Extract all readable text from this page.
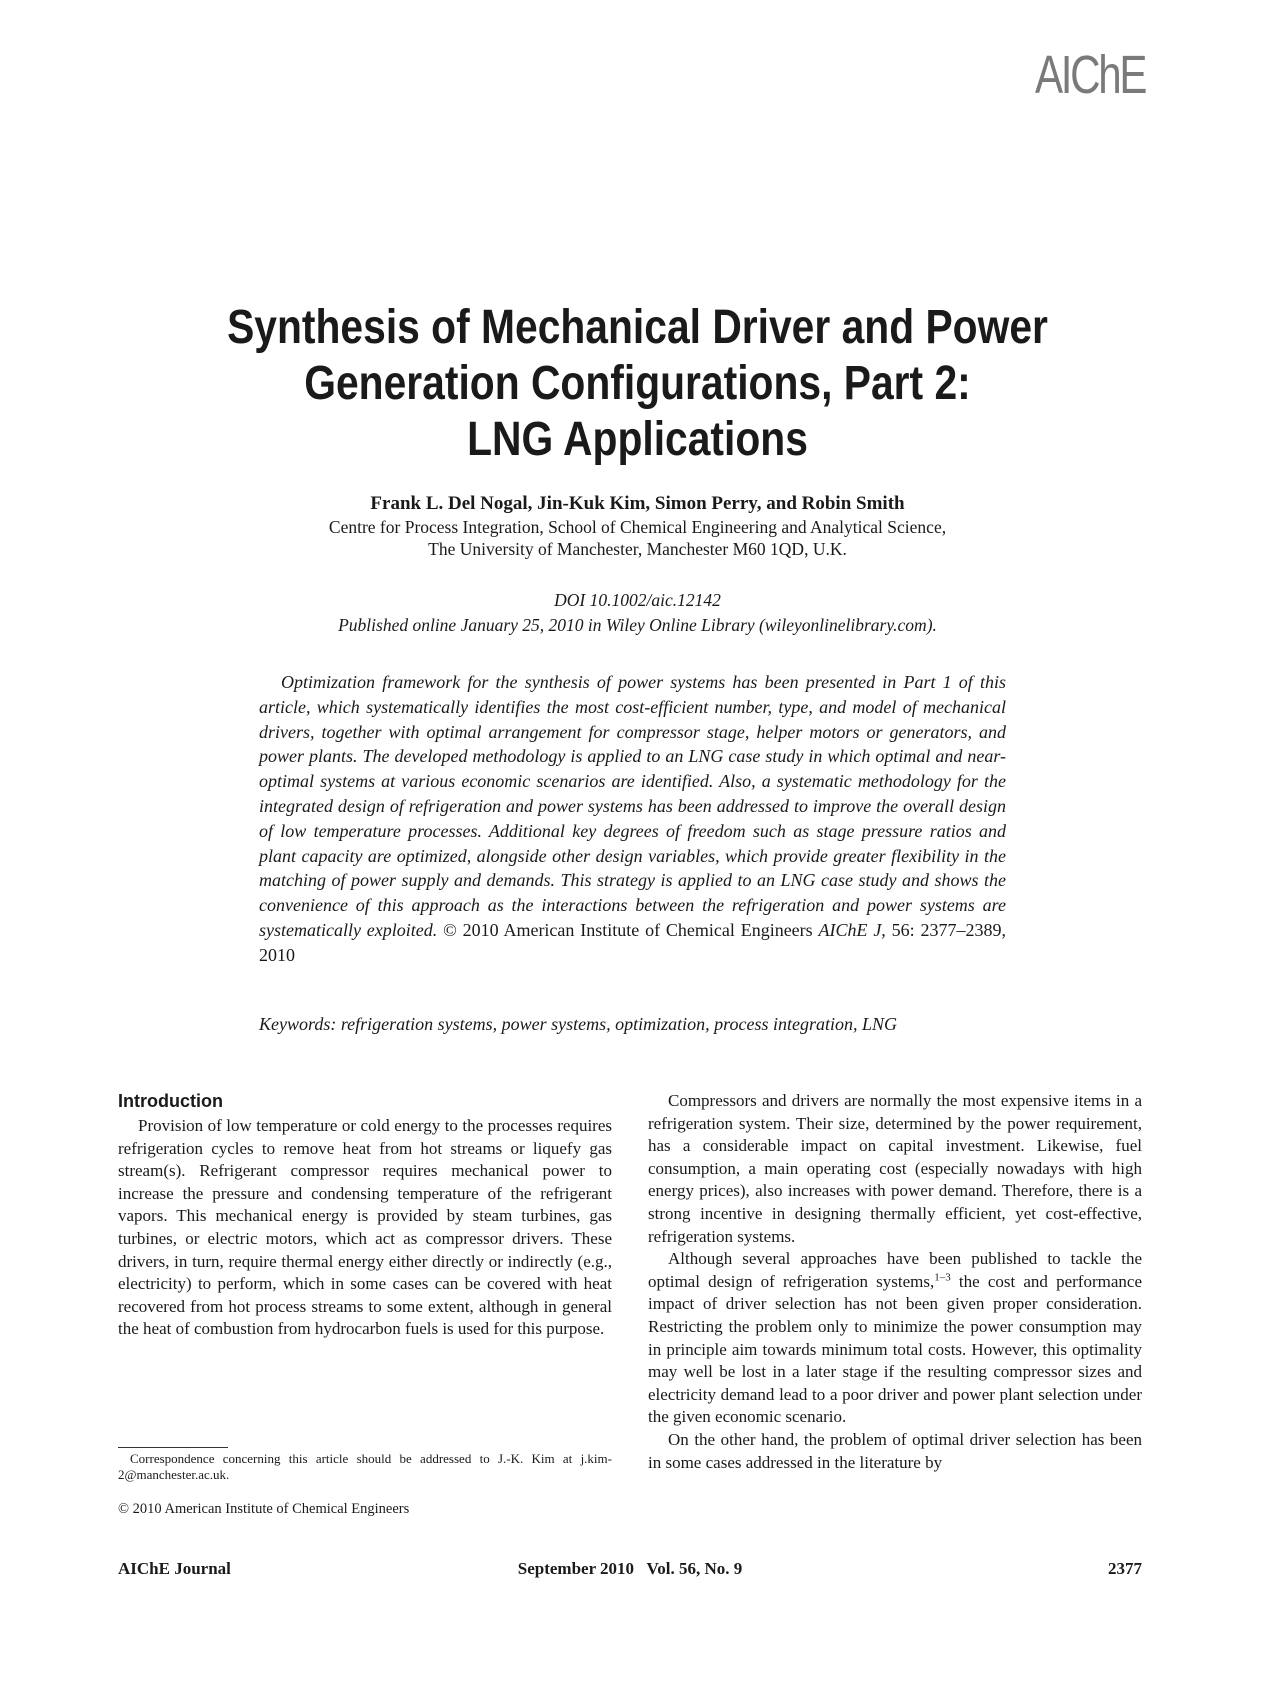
AIChE
Synthesis of Mechanical Driver and Power
Generation Configurations, Part 2:
LNG Applications
Frank L. Del Nogal, Jin-Kuk Kim, Simon Perry, and Robin Smith
Centre for Process Integration, School of Chemical Engineering and Analytical Science,
The University of Manchester, Manchester M60 1QD, U.K.
DOI 10.1002/aic.12142
Published online January 25, 2010 in Wiley Online Library (wileyonlinelibrary.com).

Optimization framework for the synthesis of power systems has been presented in Part 1 of this article, which systematically identifies the most cost-efficient number, type, and model of mechanical drivers, together with optimal arrangement for compressor stage, helper motors or generators, and power plants. The developed methodology is applied to an LNG case study in which optimal and near-optimal systems at various economic scenarios are identified. Also, a systematic methodology for the integrated design of refrigeration and power systems has been addressed to improve the overall design of low temperature processes. Additional key degrees of freedom such as stage pressure ratios and plant capacity are optimized, alongside other design variables, which provide greater flexibility in the matching of power supply and demands. This strategy is applied to an LNG case study and shows the convenience of this approach as the interactions between the refrigeration and power systems are systematically exploited. © 2010 American Institute of Chemical Engineers AIChE J, 56: 2377–2389, 2010

Keywords: refrigeration systems, power systems, optimization, process integration, LNG
Introduction

Provision of low temperature or cold energy to the processes requires refrigeration cycles to remove heat from hot streams or liquefy gas stream(s). Refrigerant compressor requires mechanical power to increase the pressure and condensing temperature of the refrigerant vapors. This mechanical energy is provided by steam turbines, gas turbines, or electric motors, which act as compressor drivers. These drivers, in turn, require thermal energy either directly or indirectly (e.g., electricity) to perform, which in some cases can be covered with heat recovered from hot process streams to some extent, although in general the heat of combustion from hydrocarbon fuels is used for this purpose.

Compressors and drivers are normally the most expensive items in a refrigeration system. Their size, determined by the power requirement, has a considerable impact on capital investment. Likewise, fuel consumption, a main operating cost (especially nowadays with high energy prices), also increases with power demand. Therefore, there is a strong incentive in designing thermally efficient, yet cost-effective, refrigeration systems.

Although several approaches have been published to tackle the optimal design of refrigeration systems,$^{1-3}$ the cost and performance impact of driver selection has not been given proper consideration. Restricting the problem only to minimize the power consumption may in principle aim towards minimum total costs. However, this optimality may well be lost in a later stage if the resulting compressor sizes and electricity demand lead to a poor driver and power plant selection under the given economic scenario.

On the other hand, the problem of optimal driver selection has been in some cases addressed in the literature by

Correspondence concerning this article should be addressed to J.-K. Kim at j.kim-2@manchester.ac.uk.
© 2010 American Institute of Chemical Engineers
AIChE Journal	September 2010   Vol. 56, No. 9	2377
